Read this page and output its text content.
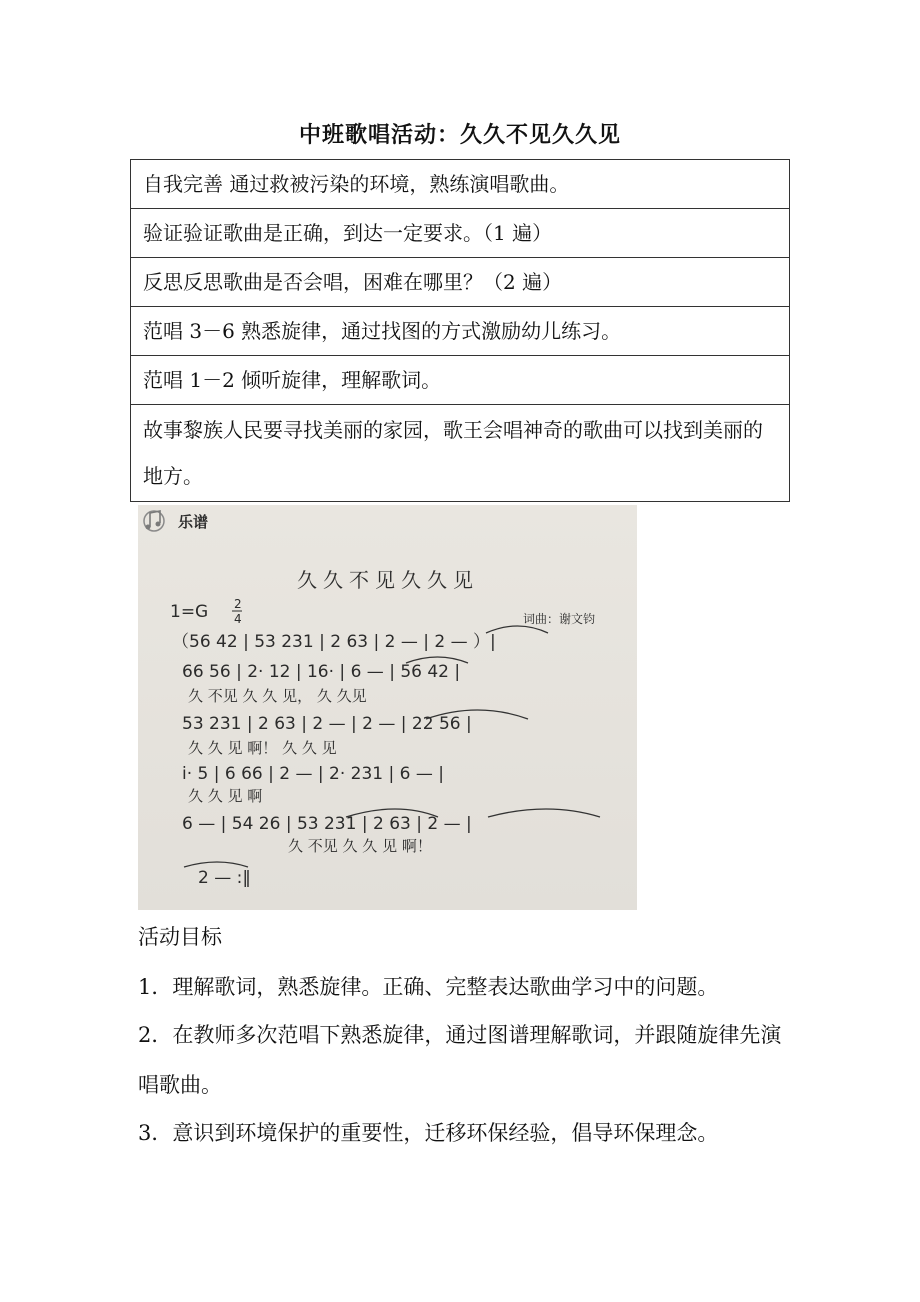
中班歌唱活动：久久不见久久见
自我完善 通过救被污染的环境，熟练演唱歌曲。
验证验证歌曲是正确，到达一定要求。（1 遍）
反思反思歌曲是否会唱，困难在哪里？（2 遍）
范唱 3－6 熟悉旋律，通过找图的方式激励幼儿练习。
范唱 1－2 倾听旋律，理解歌词。
故事黎族人民要寻找美丽的家园，歌王会唱神奇的歌曲可以找到美丽的地方。
乐谱
久久不见久久见
1=G 2
4	词曲：谢文钧
（56 42 | 53 231 | 2 63 | 2 — | 2 — ）|
66 56 | 2· 12 | 16· | 6 — | 56 42 |
久 不见 久 久 见， 久 久见
53 231 | 2 63 | 2 — | 2 — | 22 56 |
久 久 见 啊！ 久 久 见
i· 5 | 6 66 | 2 — | 2· 231 | 6 — |
久 久 见 啊
6 — | 54 26 | 53 231 | 2 63 | 2 — |
久 不见 久 久 见 啊！
2 — :‖
活动目标
1．理解歌词，熟悉旋律。正确、完整表达歌曲学习中的问题。
2．在教师多次范唱下熟悉旋律，通过图谱理解歌词，并跟随旋律先演唱歌曲。
3．意识到环境保护的重要性，迁移环保经验，倡导环保理念。
